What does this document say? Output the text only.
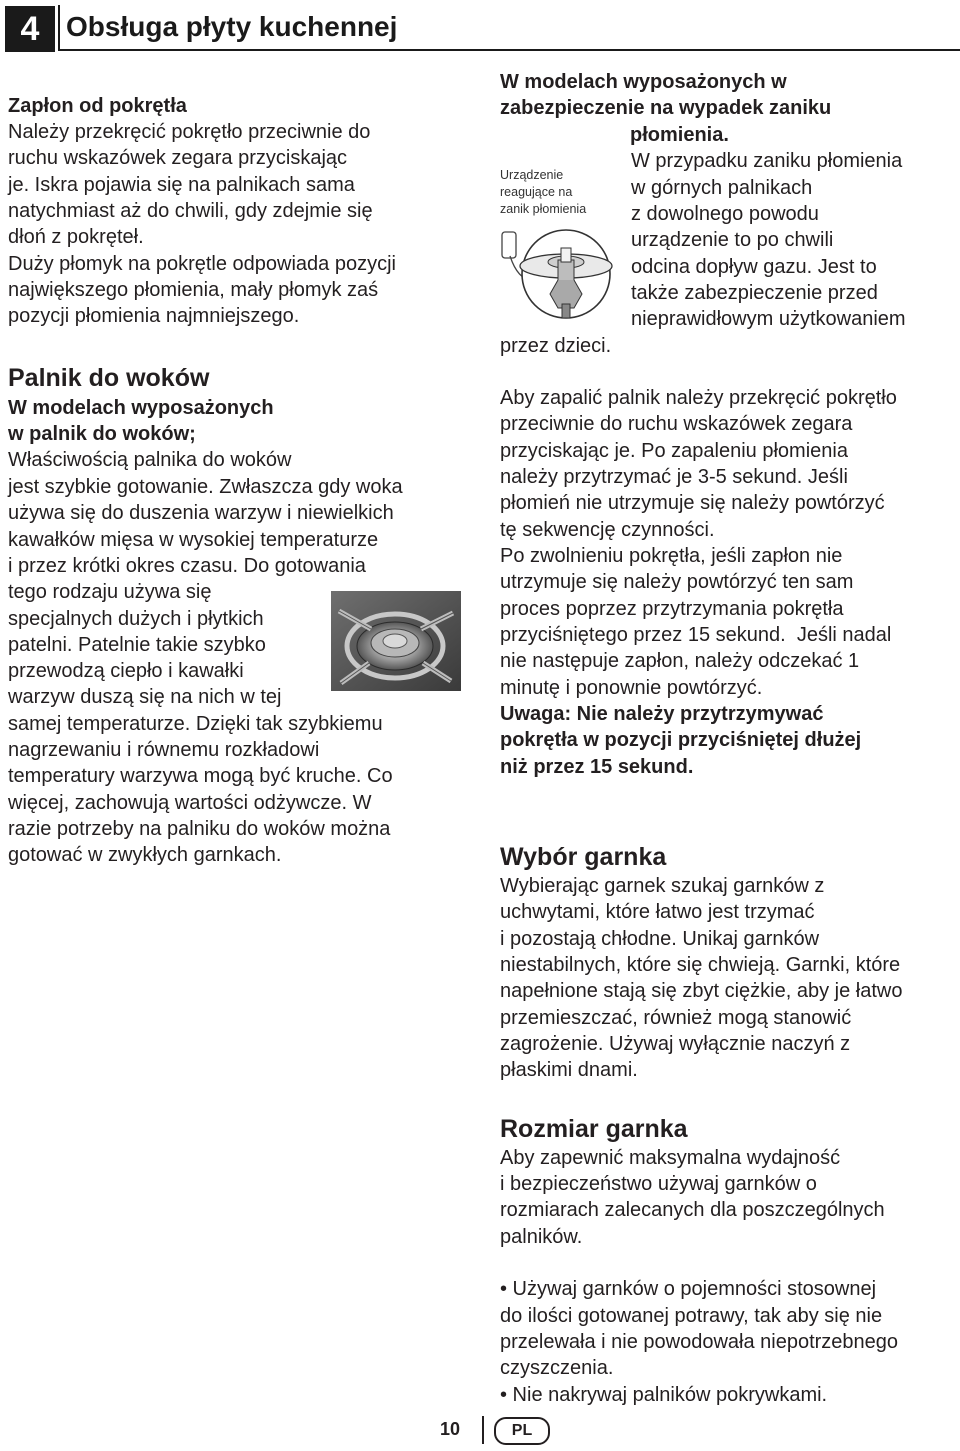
4 Obsługa płyty kuchennej
Zapłon od pokrętła
Należy przekręcić pokrętło przeciwnie do
ruchu wskazówek zegara przyciskając
je. Iskra pojawia się na palnikach sama
natychmiast aż do chwili, gdy zdejmie się
dłoń z pokręteł.
Duży płomyk na pokrętle odpowiada pozycji
największego płomienia, mały płomyk zaś
pozycji płomienia najmniejszego.
Palnik do woków
W modelach wyposażonych
w palnik do woków;
Właściwością palnika do woków
jest szybkie gotowanie. Zwłaszcza gdy woka
używa się do duszenia warzyw i niewielkich
kawałków mięsa w wysokiej temperaturze
i przez krótki okres czasu. Do gotowania
tego rodzaju używa się
specjalnych dużych i płytkich
patelni. Patelnie takie szybko
przewodzą ciepło i kawałki
warzyw duszą się na nich w tej
samej temperaturze. Dzięki tak szybkiemu
nagrzewaniu i równemu rozkładowi
temperatury warzywa mogą być kruche. Co
więcej, zachowują wartości odżywcze. W
razie potrzeby na palniku do woków można
gotować w zwykłych garnkach.
W modelach wyposażonych w
zabezpieczenie na wypadek zaniku
płomienia.
Urządzenie
reagujące na
zanik płomienia
W przypadku zaniku płomienia
w górnych palnikach
z dowolnego powodu
urządzenie to po chwili
odcina dopływ gazu. Jest to
także zabezpieczenie przed
nieprawidłowym użytkowaniem
przez dzieci.
Aby zapalić palnik należy przekręcić pokrętło
przeciwnie do ruchu wskazówek zegara
przyciskając je. Po zapaleniu płomienia
należy przytrzymać je 3-5 sekund. Jeśli
płomień nie utrzymuje się należy powtórzyć
tę sekwencję czynności.
Po zwolnieniu pokrętła, jeśli zapłon nie
utrzymuje się należy powtórzyć ten sam
proces poprzez przytrzymania pokrętła
przyciśniętego przez 15 sekund.  Jeśli nadal
nie następuje zapłon, należy odczekać 1
minutę i ponownie powtórzyć.
Uwaga: Nie należy przytrzymywać
pokrętła w pozycji przyciśniętej dłużej
niż przez 15 sekund.
Wybór garnka
Wybierając garnek szukaj garnków z
uchwytami, które łatwo jest trzymać
i pozostają chłodne. Unikaj garnków
niestabilnych, które się chwieją. Garnki, które
napełnione stają się zbyt ciężkie, aby je łatwo
przemieszczać, również mogą stanowić
zagrożenie. Używaj wyłącznie naczyń z
płaskimi dnami.
Rozmiar garnka
Aby zapewnić maksymalna wydajność
i bezpieczeństwo używaj garnków o
rozmiarach zalecanych dla poszczególnych
palników.
• Używaj garnków o pojemności stosownej
do ilości gotowanej potrawy, tak aby się nie
przelewała i nie powodowała niepotrzebnego
czyszczenia.
• Nie nakrywaj palników pokrywkami.
10	PL
